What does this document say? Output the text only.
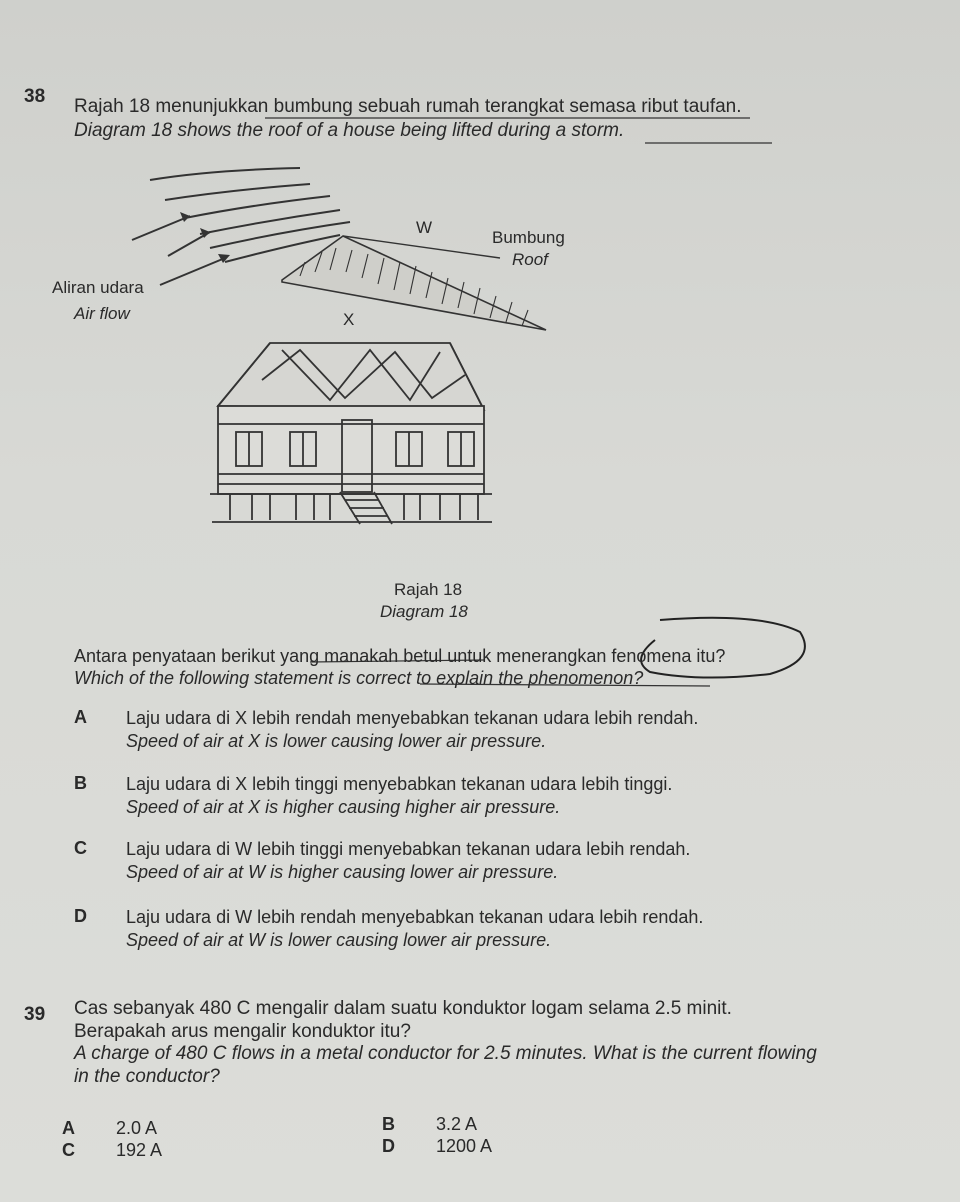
38 Rajah 18 menunjukkan bumbung sebuah rumah terangkat semasa ribut taufan.
Diagram 18 shows the roof of a house being lifted during a storm.
W
Bumbung
Roof
Aliran udara
Air flow	X
Rajah 18
Diagram 18
Antara penyataan berikut yang manakah betul untuk menerangkan fenomena itu?
Which of the following statement is correct to explain the phenomenon?
A Laju udara di X lebih rendah menyebabkan tekanan udara lebih rendah.
Speed of air at X is lower causing lower air pressure.
B Laju udara di X lebih tinggi menyebabkan tekanan udara lebih tinggi.
Speed of air at X is higher causing higher air pressure.
C Laju udara di W lebih tinggi menyebabkan tekanan udara lebih rendah.
Speed of air at W is higher causing lower air pressure.
D Laju udara di W lebih rendah menyebabkan tekanan udara lebih rendah.
Speed of air at W is lower causing lower air pressure.
39 Cas sebanyak 480 C mengalir dalam suatu konduktor logam selama 2.5 minit.
Berapakah arus mengalir konduktor itu?
A charge of 480 C flows in a metal conductor for 2.5 minutes. What is the current flowing
in the conductor?
A 2.0 A	B 3.2 A
C 192 A	D 1200 A
